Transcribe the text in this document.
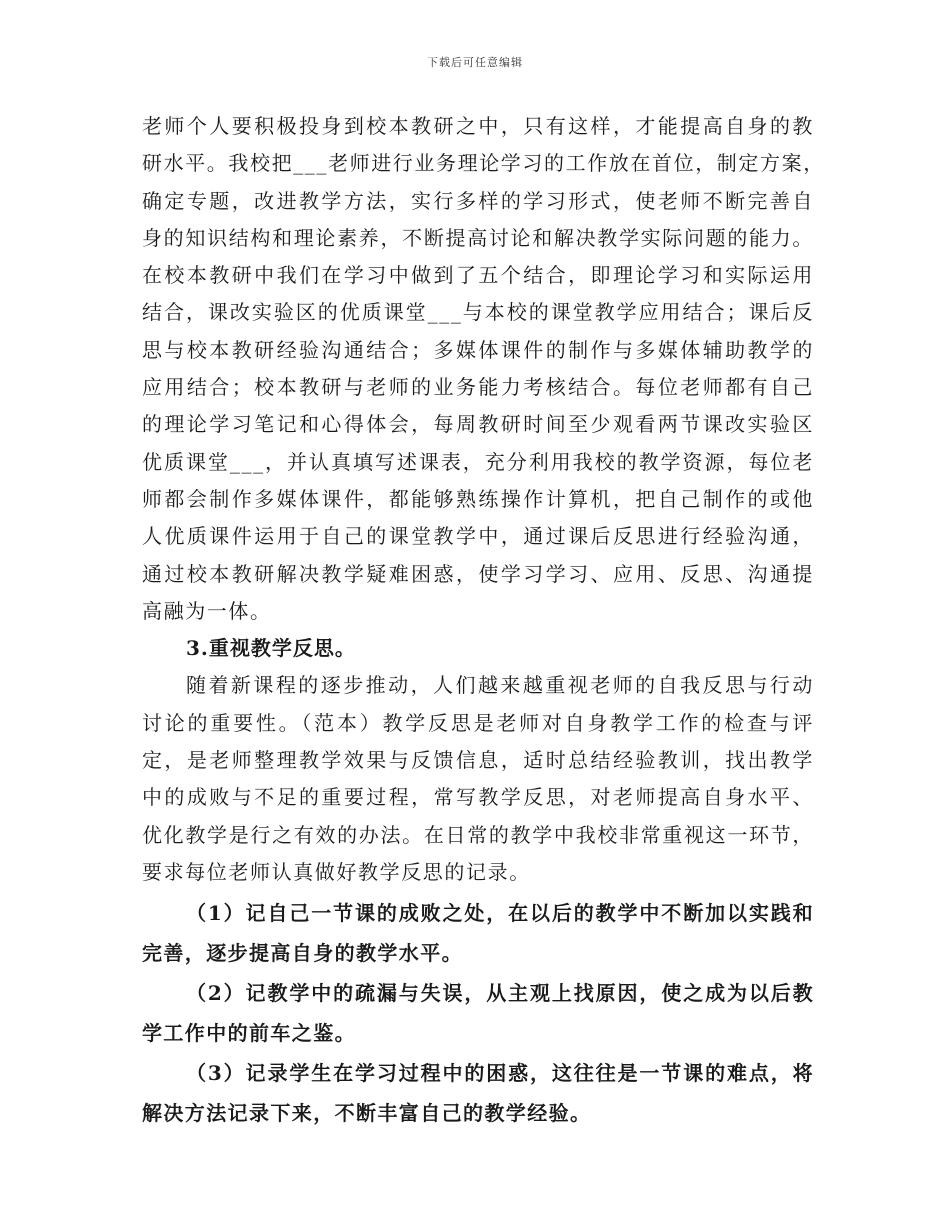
下载后可任意编辑
老师个人要积极投身到校本教研之中，只有这样，才能提高自身的教
研水平。我校把___老师进行业务理论学习的工作放在首位，制定方案，
确定专题，改进教学方法，实行多样的学习形式，使老师不断完善自
身的知识结构和理论素养，不断提高讨论和解决教学实际问题的能力。
在校本教研中我们在学习中做到了五个结合，即理论学习和实际运用
结合，课改实验区的优质课堂___与本校的课堂教学应用结合；课后反
思与校本教研经验沟通结合；多媒体课件的制作与多媒体辅助教学的
应用结合；校本教研与老师的业务能力考核结合。每位老师都有自己
的理论学习笔记和心得体会，每周教研时间至少观看两节课改实验区
优质课堂___，并认真填写述课表，充分利用我校的教学资源，每位老
师都会制作多媒体课件，都能够熟练操作计算机，把自己制作的或他
人优质课件运用于自己的课堂教学中，通过课后反思进行经验沟通，
通过校本教研解决教学疑难困惑，使学习学习、应用、反思、沟通提
高融为一体。
3.重视教学反思。
随着新课程的逐步推动，人们越来越重视老师的自我反思与行动
讨论的重要性。（范本）教学反思是老师对自身教学工作的检查与评
定，是老师整理教学效果与反馈信息，适时总结经验教训，找出教学
中的成败与不足的重要过程，常写教学反思，对老师提高自身水平、
优化教学是行之有效的办法。在日常的教学中我校非常重视这一环节，
要求每位老师认真做好教学反思的记录。
（1）记自己一节课的成败之处，在以后的教学中不断加以实践和
完善，逐步提高自身的教学水平。
（2）记教学中的疏漏与失误，从主观上找原因，使之成为以后教
学工作中的前车之鉴。
（3）记录学生在学习过程中的困惑，这往往是一节课的难点，将
解决方法记录下来，不断丰富自己的教学经验。
